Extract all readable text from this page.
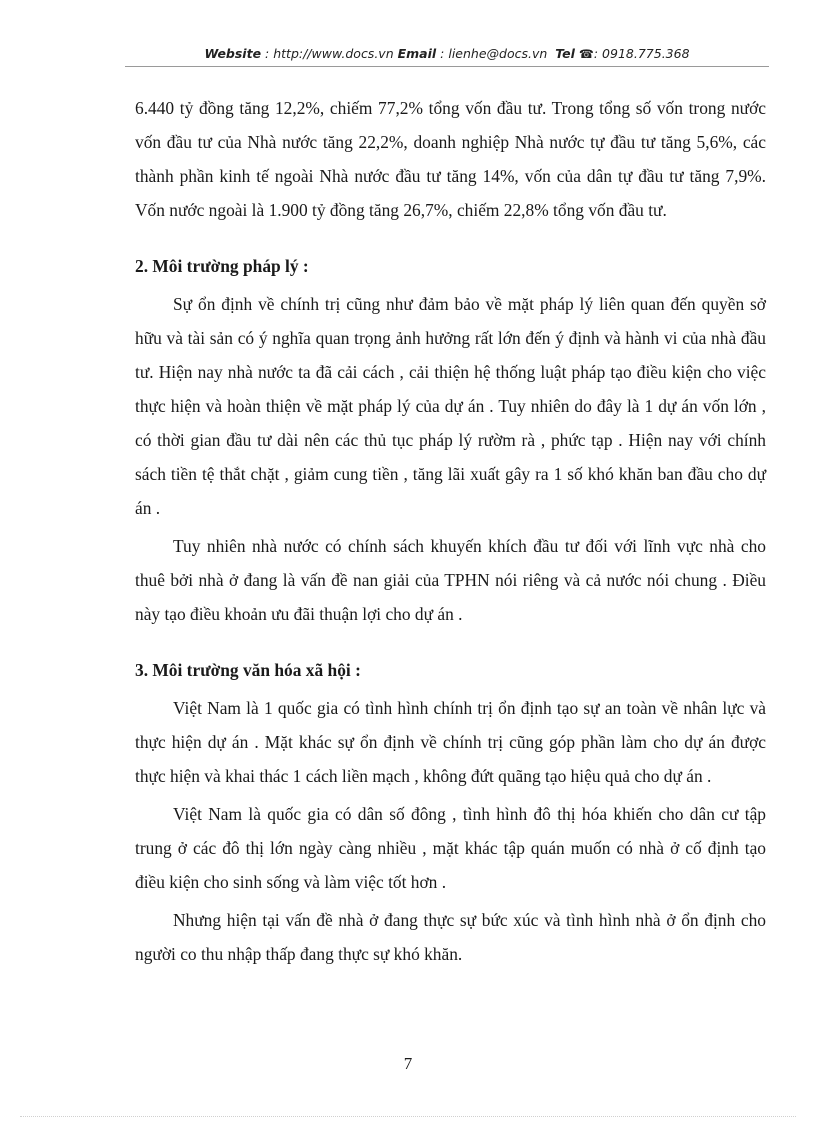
Website : http://www.docs.vn Email : lienhe@docs.vn Tel ☎: 0918.775.368

6.440 tỷ đồng tăng 12,2%, chiếm 77,2% tổng vốn đầu tư. Trong tổng số vốn trong nước vốn đầu tư của Nhà nước tăng 22,2%, doanh nghiệp Nhà nước tự đầu tư tăng 5,6%, các thành phần kinh tế ngoài Nhà nước đầu tư tăng 14%, vốn của dân tự đầu tư tăng 7,9%. Vốn nước ngoài là 1.900 tỷ đồng tăng 26,7%, chiếm 22,8% tổng vốn đầu tư.

2. Môi trường pháp lý :

Sự ổn định về chính trị cũng như đảm bảo về mặt pháp lý liên quan đến quyền sở hữu và tài sản có ý nghĩa quan trọng ảnh hưởng rất lớn đến ý định và hành vi của nhà đầu tư. Hiện nay nhà nước ta đã cải cách , cải thiện hệ thống luật pháp tạo điều kiện cho việc thực hiện và hoàn thiện về mặt pháp lý của dự án . Tuy nhiên do đây là 1 dự án vốn lớn , có thời gian đầu tư dài nên các thủ tục pháp lý rườm rà , phức tạp . Hiện nay với chính sách tiền tệ thắt chặt , giảm cung tiền , tăng lãi xuất gây ra 1 số khó khăn ban đầu cho dự án .

Tuy nhiên nhà nước có chính sách khuyến khích đầu tư đối với lĩnh vực nhà cho thuê bởi nhà ở đang là vấn đề nan giải của TPHN nói riêng và cả nước nói chung . Điều này tạo điều khoản ưu đãi thuận lợi cho dự án .

3. Môi trường văn hóa xã hội :

Việt Nam là 1 quốc gia có tình hình chính trị ổn định tạo sự an toàn về nhân lực và thực hiện dự án . Mặt khác sự ổn định về chính trị cũng góp phần làm cho dự án được thực hiện và khai thác 1 cách liền mạch , không đứt quãng tạo hiệu quả cho dự án .

Việt Nam là quốc gia có dân số đông , tình hình đô thị hóa khiến cho dân cư tập trung ở các đô thị lớn ngày càng nhiều , mặt khác tập quán muốn có nhà ở cố định tạo điều kiện cho sinh sống và làm việc tốt hơn .

Nhưng hiện tại vấn đề nhà ở đang thực sự bức xúc và tình hình nhà ở ổn định cho người co thu nhập thấp đang thực sự khó khăn.

7
